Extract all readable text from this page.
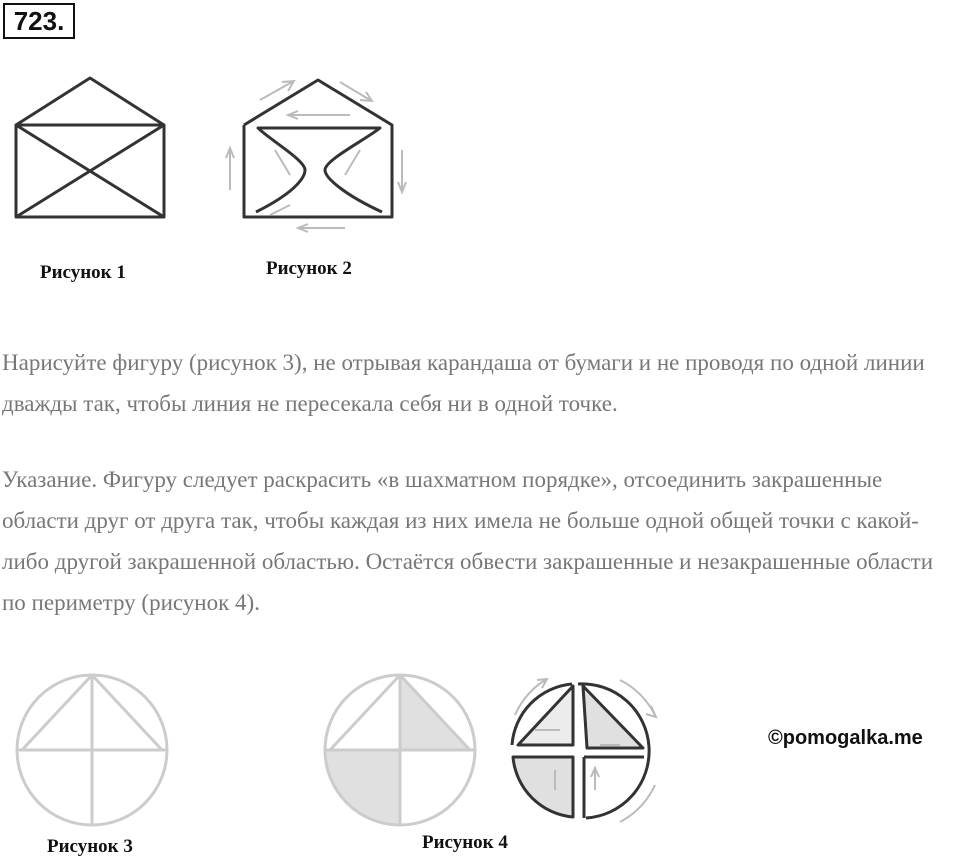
723.
Рисунок 1	Рисунок 2

Нарисуйте фигуру (рисунок 3), не отрывая карандаша от бумаги и не проводя по одной линии дважды так, чтобы линия не пересекала себя ни в одной точке.

Указание. Фигуру следует раскрасить «в шахматном порядке», отсоединить закрашенные области друг от друга так, чтобы каждая из них имела не больше одной общей точки с какой-либо другой закрашенной областью. Остаётся обвести закрашенные и незакрашенные области по периметру (рисунок 4).

Рисунок 3	Рисунок 4
©pomogalka.me
